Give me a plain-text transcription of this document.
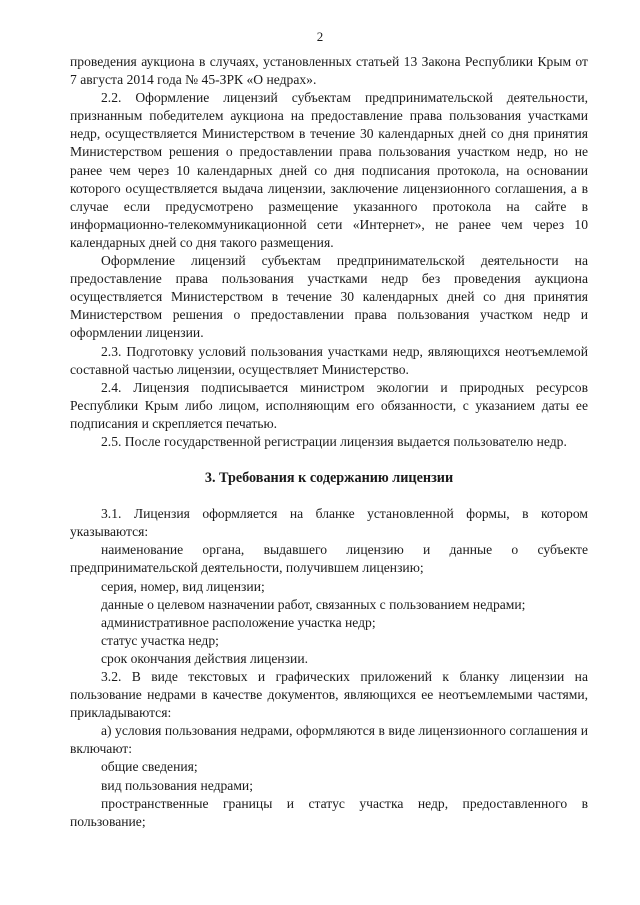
2

проведения аукциона в случаях, установленных статьей 13 Закона Республики Крым от 7 августа 2014 года № 45-ЗРК «О недрах».

2.2. Оформление лицензий субъектам предпринимательской деятельности, признанным победителем аукциона на предоставление права пользования участками недр, осуществляется Министерством в течение 30 календарных дней со дня принятия Министерством решения о предоставлении права пользования участком недр, но не ранее чем через 10 календарных дней со дня подписания протокола, на основании которого осуществляется выдача лицензии, заключение лицензионного соглашения, а в случае если предусмотрено размещение указанного протокола на сайте в информационно-телекоммуникационной сети «Интернет», не ранее чем через 10 календарных дней со дня такого размещения.

Оформление лицензий субъектам предпринимательской деятельности на предоставление права пользования участками недр без проведения аукциона осуществляется Министерством в течение 30 календарных дней со дня принятия Министерством решения о предоставлении права пользования участком недр и оформлении лицензии.

2.3. Подготовку условий пользования участками недр, являющихся неотъемлемой составной частью лицензии, осуществляет Министерство.

2.4. Лицензия подписывается министром экологии и природных ресурсов Республики Крым либо лицом, исполняющим его обязанности, с указанием даты ее подписания и скрепляется печатью.

2.5. После государственной регистрации лицензия выдается пользователю недр.

3. Требования к содержанию лицензии

3.1. Лицензия оформляется на бланке установленной формы, в котором указываются:

наименование органа, выдавшего лицензию и данные о субъекте предпринимательской деятельности, получившем лицензию;

серия, номер, вид лицензии;

данные о целевом назначении работ, связанных с пользованием недрами;

административное расположение участка недр;

статус участка недр;

срок окончания действия лицензии.

3.2. В виде текстовых и графических приложений к бланку лицензии на пользование недрами в качестве документов, являющихся ее неотъемлемыми частями, прикладываются:

а) условия пользования недрами, оформляются в виде лицензионного соглашения и включают:

общие сведения;

вид пользования недрами;

пространственные границы и статус участка недр, предоставленного в пользование;
